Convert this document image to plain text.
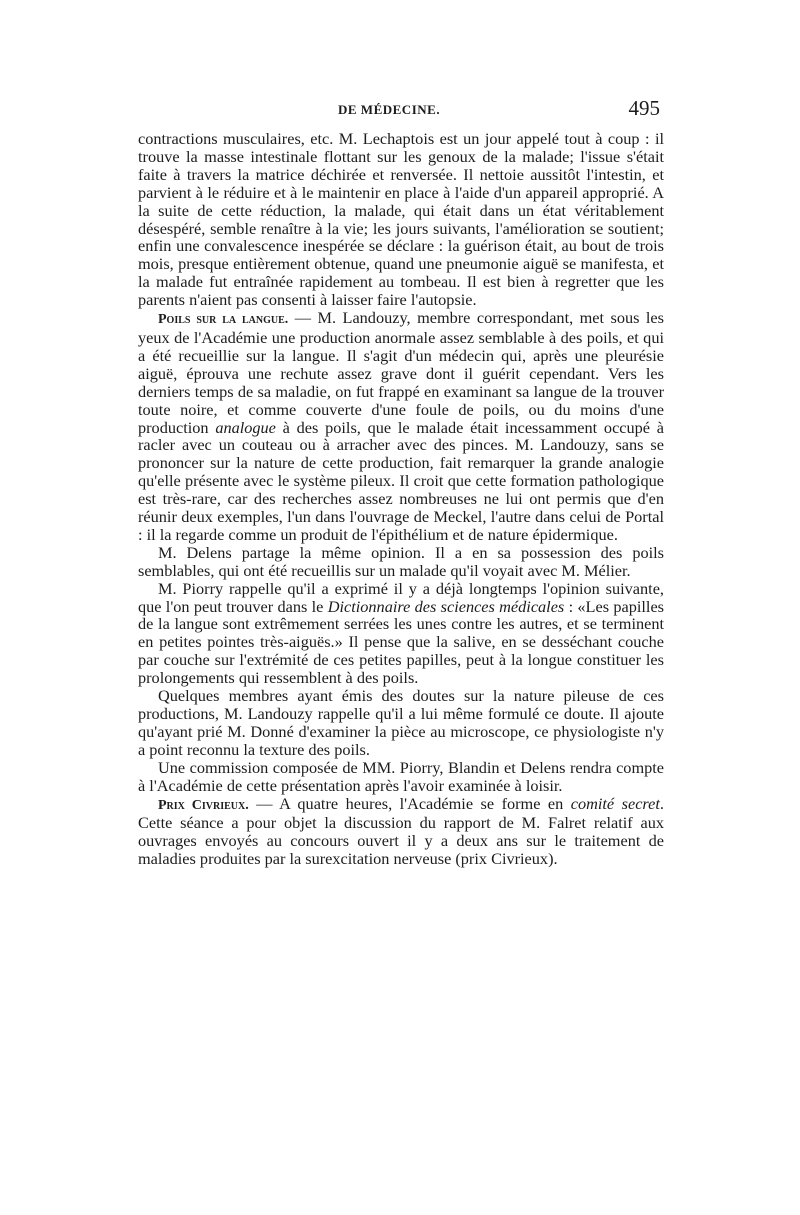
DE MÉDECINE.	495

contractions musculaires, etc. M. Lechaptois est un jour appelé tout à coup : il trouve la masse intestinale flottant sur les genoux de la malade; l'issue s'était faite à travers la matrice déchirée et renversée. Il nettoie aussitôt l'intestin, et parvient à le réduire et à le maintenir en place à l'aide d'un appareil approprié. A la suite de cette réduction, la malade, qui était dans un état véritablement désespéré, semble renaître à la vie; les jours suivants, l'amélioration se soutient; enfin une convalescence inespérée se déclare : la guérison était, au bout de trois mois, presque entièrement obtenue, quand une pneumonie aiguë se manifesta, et la malade fut entraînée rapidement au tombeau. Il est bien à regretter que les parents n'aient pas consenti à laisser faire l'autopsie.

Poils sur la langue. — M. Landouzy, membre correspondant, met sous les yeux de l'Académie une production anormale assez semblable à des poils, et qui a été recueillie sur la langue. Il s'agit d'un médecin qui, après une pleurésie aiguë, éprouva une rechute assez grave dont il guérit cependant. Vers les derniers temps de sa maladie, on fut frappé en examinant sa langue de la trouver toute noire, et comme couverte d'une foule de poils, ou du moins d'une production analogue à des poils, que le malade était incessamment occupé à racler avec un couteau ou à arracher avec des pinces. M. Landouzy, sans se prononcer sur la nature de cette production, fait remarquer la grande analogie qu'elle présente avec le système pileux. Il croit que cette formation pathologique est très-rare, car des recherches assez nombreuses ne lui ont permis que d'en réunir deux exemples, l'un dans l'ouvrage de Meckel, l'autre dans celui de Portal : il la regarde comme un produit de l'épithélium et de nature épidermique.

M. Delens partage la même opinion. Il a en sa possession des poils semblables, qui ont été recueillis sur un malade qu'il voyait avec M. Mélier.

M. Piorry rappelle qu'il a exprimé il y a déjà longtemps l'opinion suivante, que l'on peut trouver dans le Dictionnaire des sciences médicales : «Les papilles de la langue sont extrêmement serrées les unes contre les autres, et se terminent en petites pointes très-aiguës.» Il pense que la salive, en se desséchant couche par couche sur l'extrémité de ces petites papilles, peut à la longue constituer les prolongements qui ressemblent à des poils.

Quelques membres ayant émis des doutes sur la nature pileuse de ces productions, M. Landouzy rappelle qu'il a lui même formulé ce doute. Il ajoute qu'ayant prié M. Donné d'examiner la pièce au microscope, ce physiologiste n'y a point reconnu la texture des poils.

Une commission composée de MM. Piorry, Blandin et Delens rendra compte à l'Académie de cette présentation après l'avoir examinée à loisir.

Prix Civrieux. — A quatre heures, l'Académie se forme en comité secret. Cette séance a pour objet la discussion du rapport de M. Falret relatif aux ouvrages envoyés au concours ouvert il y a deux ans sur le traitement de maladies produites par la surexcitation nerveuse (prix Civrieux).
